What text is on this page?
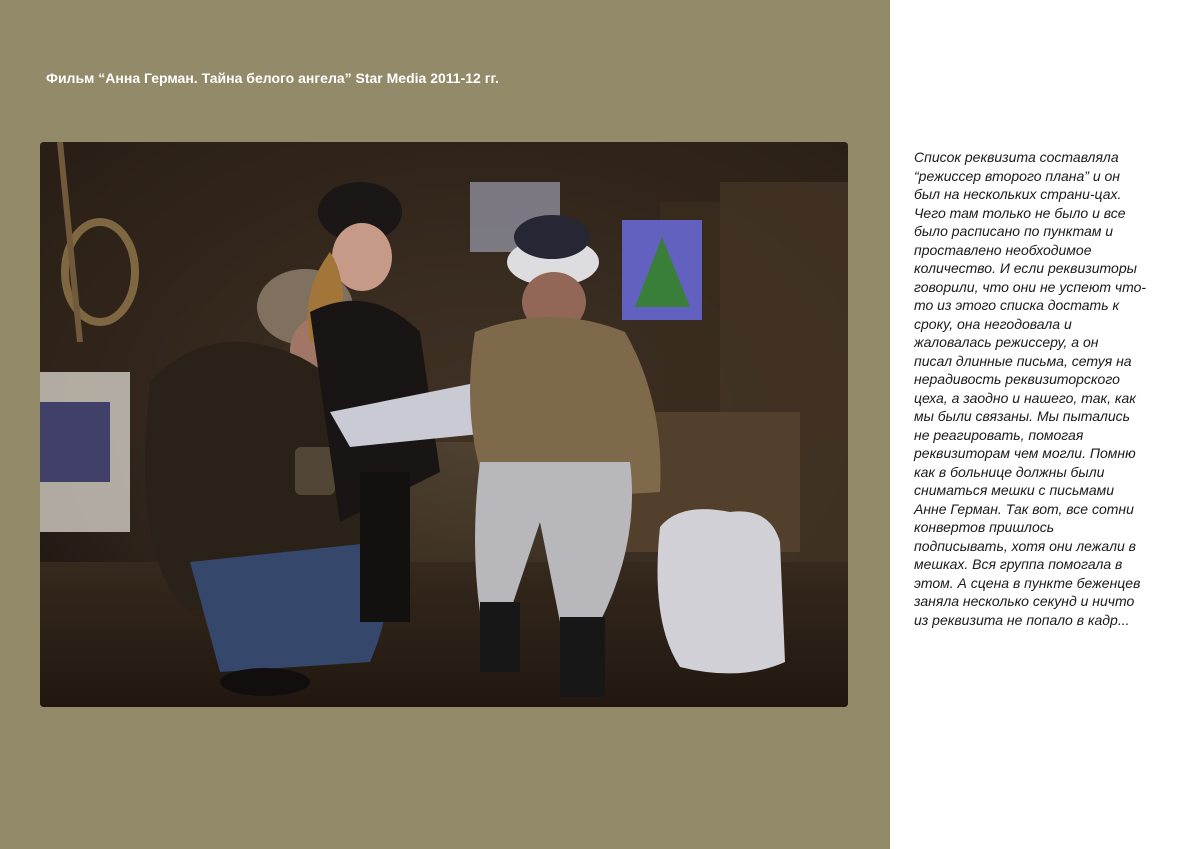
Фильм “Анна Герман. Тайна белого ангела” Star Media 2011-12 гг.
Список реквизита составляла
“режиссер второго плана” и он
был на нескольких страни-цах.
Чего там только не было и все
было расписано по пунктам и
проставлено необходимое
количество. И если реквизиторы
говорили, что они не успеют что-
то из этого списка достать к
сроку, она негодовала и
жаловалась режиссеру, а он
писал длинные письма, сетуя на
нерадивость реквизиторского
цеха, а заодно и нашего, так, как
мы были связаны. Мы пытались
не реагировать, помогая
реквизиторам чем могли. Помню
как в больнице должны были
сниматься мешки с письмами
Анне Герман. Так вот, все сотни
конвертов пришлось
подписывать, хотя они лежали в
мешках. Вся группа помогала в
этом. А сцена в пункте беженцев
заняла несколько секунд и ничто
из реквизита не попало в кадр...
